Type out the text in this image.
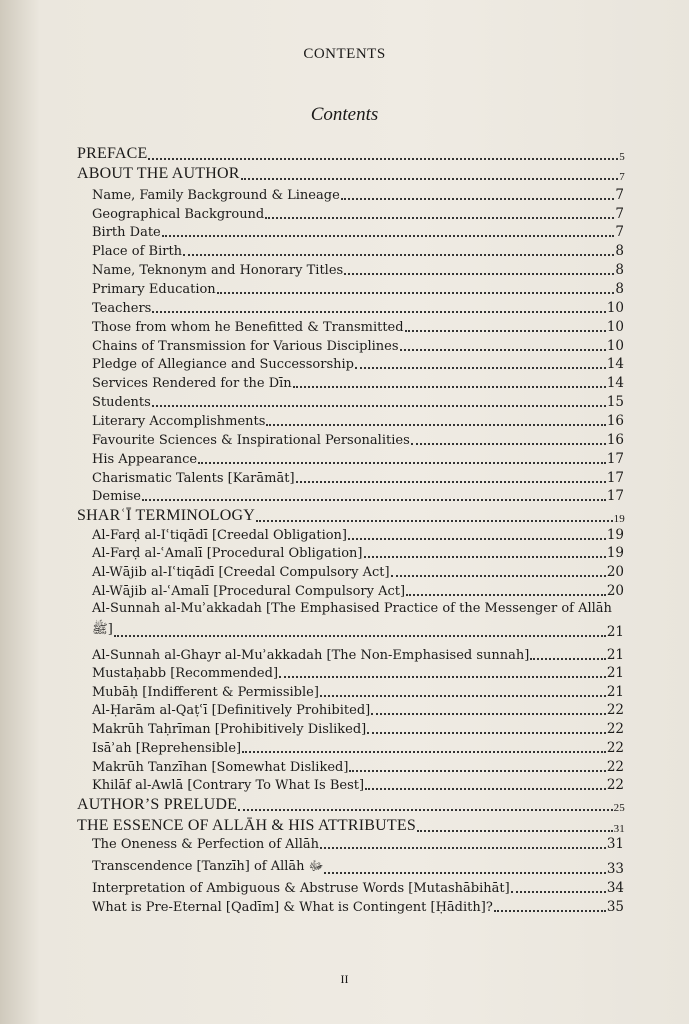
CONTENTS
Contents
PREFACE	5
ABOUT THE AUTHOR	7
Name, Family Background & Lineage	7
Geographical Background	7
Birth Date	7
Place of Birth	8
Name, Teknonym and Honorary Titles	8
Primary Education	8
Teachers	10
Those from whom he Benefitted & Transmitted	10
Chains of Transmission for Various Disciplines	10
Pledge of Allegiance and Successorship	14
Services Rendered for the Dīn	14
Students	15
Literary Accomplishments	16
Favourite Sciences & Inspirational Personalities	16
His Appearance	17
Charismatic Talents [Karāmāt]	17
Demise	17
SHARʿĪ TERMINOLOGY	19
Al-Farḍ al-Iʿtiqādī [Creedal Obligation]	19
Al-Farḍ al-ʿAmalī [Procedural Obligation]	19
Al-Wājib al-Iʿtiqādī [Creedal Compulsory Act]	20
Al-Wājib al-ʿAmalī [Procedural Compulsory Act]	20
Al-Sunnah al-Muʾakkadah [The Emphasised Practice of the Messenger of Allāh
ﷺ]	21
Al-Sunnah al-Ghayr al-Muʾakkadah [The Non-Emphasised sunnah]	21
Mustaḥabb [Recommended]	21
Mubāḥ [Indifferent & Permissible]	21
Al-Ḥarām al-Qaṭʿī [Definitively Prohibited]	22
Makrūh Taḥrīman [Prohibitively Disliked]	22
Isāʾah [Reprehensible]	22
Makrūh Tanzīhan [Somewhat Disliked]	22
Khilāf al-Awlā [Contrary To What Is Best]	22
AUTHOR’S PRELUDE	25
THE ESSENCE OF ALLĀH & HIS ATTRIBUTES	31
The Oneness & Perfection of Allāh	31
Transcendence [Tanzīh] of Allāh ﷻ	33
Interpretation of Ambiguous & Abstruse Words [Mutashābihāt]	34
What is Pre-Eternal [Qadīm] & What is Contingent [Ḥādith]?	35
II
